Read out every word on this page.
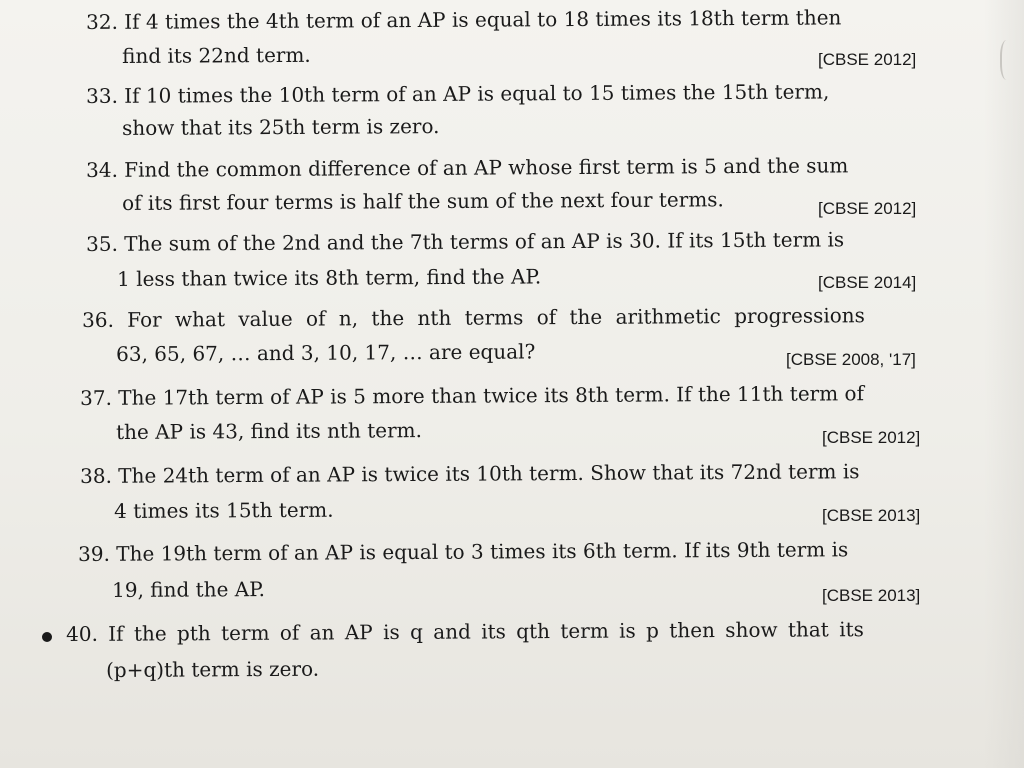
32. If 4 times the 4th term of an AP is equal to 18 times its 18th term then
find its 22nd term.	[CBSE 2012]
33. If 10 times the 10th term of an AP is equal to 15 times the 15th term,
show that its 25th term is zero.
34. Find the common difference of an AP whose first term is 5 and the sum
of its first four terms is half the sum of the next four terms.	[CBSE 2012]
35. The sum of the 2nd and the 7th terms of an AP is 30. If its 15th term is
1 less than twice its 8th term, find the AP.	[CBSE 2014]
36. For what value of n, the nth terms of the arithmetic progressions
63, 65, 67, … and 3, 10, 17, … are equal?	[CBSE 2008, '17]
37. The 17th term of AP is 5 more than twice its 8th term. If the 11th term of
the AP is 43, find its nth term.	[CBSE 2012]
38. The 24th term of an AP is twice its 10th term. Show that its 72nd term is
4 times its 15th term.	[CBSE 2013]
39. The 19th term of an AP is equal to 3 times its 6th term. If its 9th term is
19, find the AP.	[CBSE 2013]
40. If the pth term of an AP is q and its qth term is p then show that its
(p+q)th term is zero.
